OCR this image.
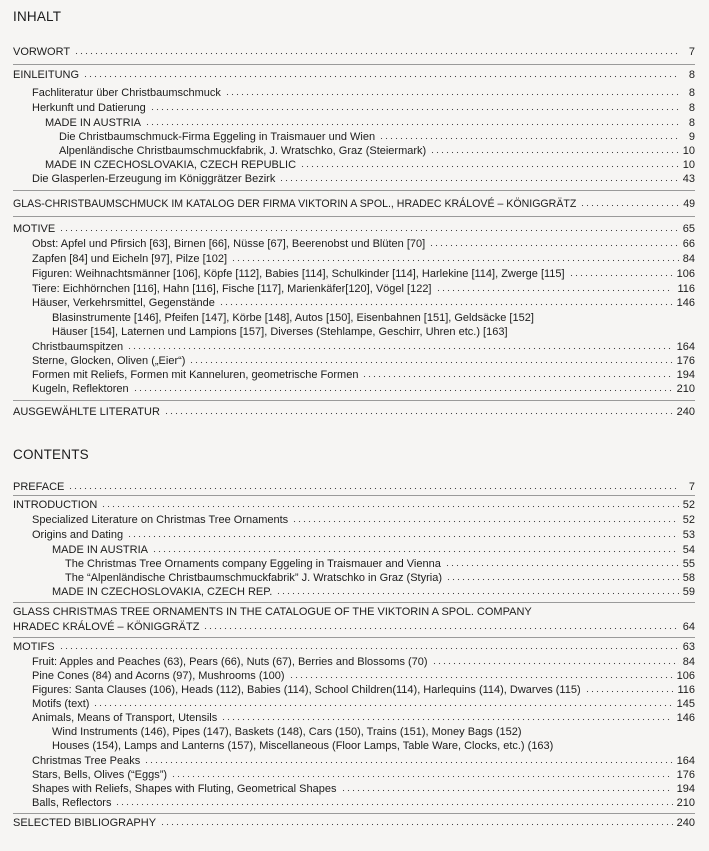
INHALT
VORWORT	7
EINLEITUNG	8
Fachliteratur über Christbaumschmuck	8
Herkunft und Datierung	8
MADE IN AUSTRIA	8
Die Christbaumschmuck-Firma Eggeling in Traismauer und Wien	9
Alpenländische Christbaumschmuckfabrik, J. Wratschko, Graz (Steiermark)	10
MADE IN CZECHOSLOVAKIA, CZECH REPUBLIC	10
Die Glasperlen-Erzeugung im Königgrätzer Bezirk	43
GLAS-CHRISTBAUMSCHMUCK IM KATALOG DER FIRMA VIKTORIN A SPOL., HRADEC KRÁLOVÉ – KÖNIGGRÄTZ	49
MOTIVE	65
Obst: Apfel und Pfirsich [63], Birnen [66], Nüsse [67], Beerenobst und Blüten [70]	66
Zapfen [84] und Eicheln [97], Pilze [102]	84
Figuren: Weihnachtsmänner [106], Köpfe [112], Babies [114], Schulkinder [114], Harlekine [114], Zwerge [115]	106
Tiere: Eichhörnchen [116], Hahn [116], Fische [117], Marienkäfer[120], Vögel [122]	116
Häuser, Verkehrsmittel, Gegenstände	146
Blasinstrumente [146], Pfeifen [147], Körbe [148], Autos [150], Eisenbahnen [151], Geldsäcke [152]
Häuser [154], Laternen und Lampions [157], Diverses (Stehlampe, Geschirr, Uhren etc.) [163]
Christbaumspitzen	164
Sterne, Glocken, Oliven („Eier“)	176
Formen mit Reliefs, Formen mit Kanneluren, geometrische Formen	194
Kugeln, Reflektoren	210
AUSGEWÄHLTE LITERATUR	240
CONTENTS
PREFACE	7
INTRODUCTION	52
Specialized Literature on Christmas Tree Ornaments	52
Origins and Dating	53
MADE IN AUSTRIA	54
The Christmas Tree Ornaments company Eggeling in Traismauer and Vienna	55
The “Alpenländische Christbaumschmuckfabrik” J. Wratschko in Graz (Styria)	58
MADE IN CZECHOSLOVAKIA, CZECH REP.	59
GLASS CHRISTMAS TREE ORNAMENTS IN THE CATALOGUE OF THE VIKTORIN A SPOL. COMPANY
HRADEC KRÁLOVÉ – KÖNIGGRÄTZ	64
MOTIFS	63
Fruit: Apples and Peaches (63), Pears (66), Nuts (67), Berries and Blossoms (70)	84
Pine Cones (84) and Acorns (97), Mushrooms (100)	106
Figures: Santa Clauses (106), Heads (112), Babies (114), School Children(114), Harlequins (114), Dwarves (115)	116
Motifs (text)	145
Animals, Means of Transport, Utensils	146
Wind Instruments (146), Pipes (147), Baskets (148), Cars (150), Trains (151), Money Bags (152)
Houses (154), Lamps and Lanterns (157), Miscellaneous (Floor Lamps, Table Ware, Clocks, etc.) (163)
Christmas Tree Peaks	164
Stars, Bells, Olives (“Eggs”)	176
Shapes with Reliefs, Shapes with Fluting, Geometrical Shapes	194
Balls, Reflectors	210
SELECTED BIBLIOGRAPHY	240
